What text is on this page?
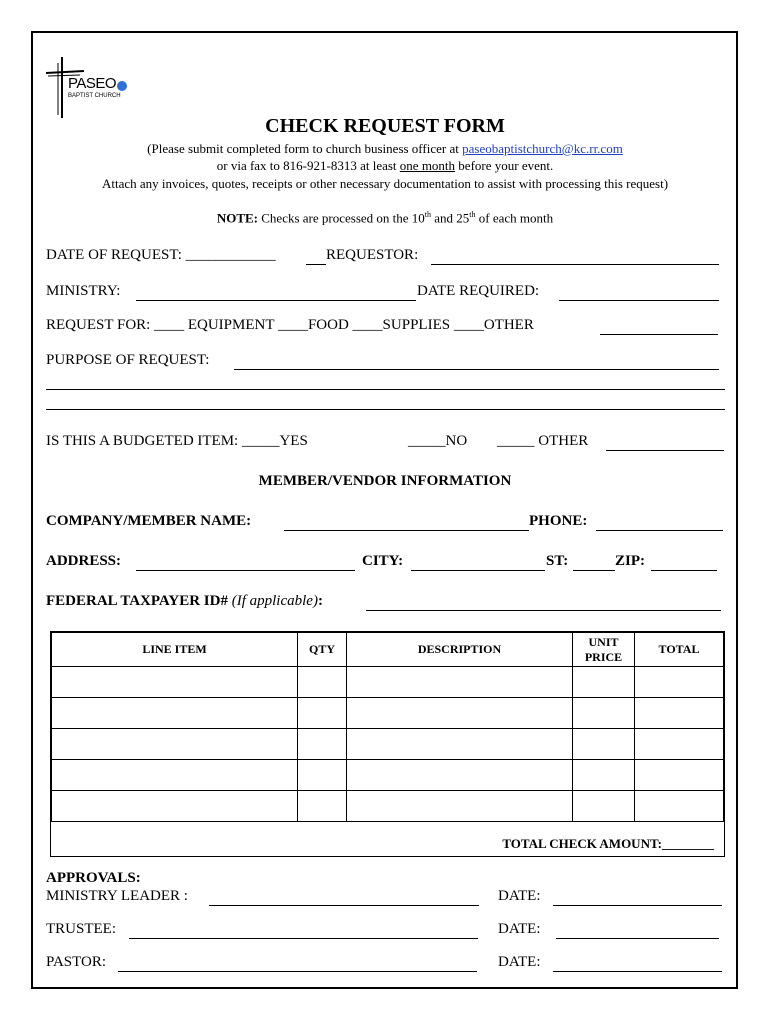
PASEO
BAPTIST CHURCH
CHECK REQUEST FORM
(Please submit completed form to church business officer at paseobaptistchurch@kc.rr.com
or via fax to 816-921-8313 at least one month before your event.
Attach any invoices, quotes, receipts or other necessary documentation to assist with processing this request)
NOTE: Checks are processed on the 10th and 25th of each month
DATE OF REQUEST: ____________	REQUESTOR:
MINISTRY:	DATE REQUIRED:
REQUEST FOR: ____ EQUIPMENT ____FOOD ____SUPPLIES ____OTHER
PURPOSE OF REQUEST:
IS THIS A BUDGETED ITEM: _____YES	_____NO _____ OTHER
MEMBER/VENDOR INFORMATION
COMPANY/MEMBER NAME:	PHONE:
ADDRESS:	CITY:	ST:	ZIP:
FEDERAL TAXPAYER ID# (If applicable):
LINE ITEM	QTY	DESCRIPTION	UNIT PRICE	TOTAL

TOTAL CHECK AMOUNT:________
APPROVALS:
MINISTRY LEADER :	DATE:
TRUSTEE:	DATE:
PASTOR:	DATE:
